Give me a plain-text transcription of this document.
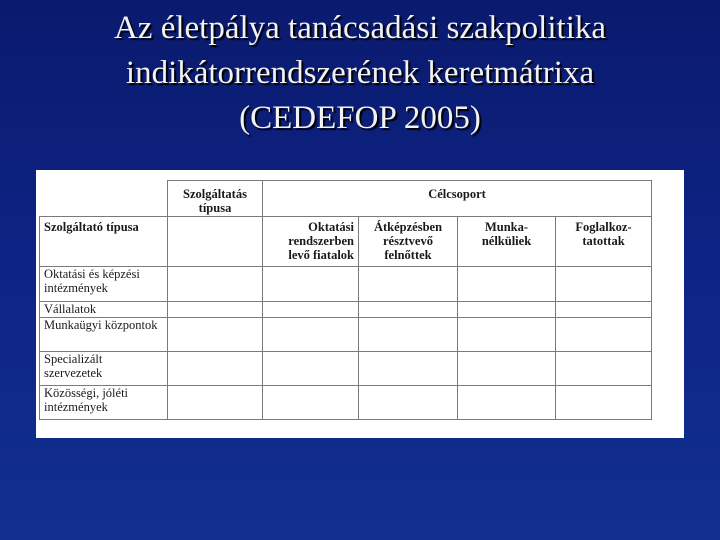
Az életpálya tanácsadási szakpolitika
indikátorrendszerének keretmátrixa
(CEDEFOP 2005)
	Szolgáltatás típusa	Célcsoport			
Szolgáltató típusa		Oktatási rendszerben levő fiatalok	Átképzésben résztvevő felnőttek	Munka-nélküliek	Foglalkoz-tatottak
Oktatási és képzési intézmények					
Vállalatok					
Munkaügyi központok					
Specializált szervezetek					
Közösségi, jóléti intézmények					
